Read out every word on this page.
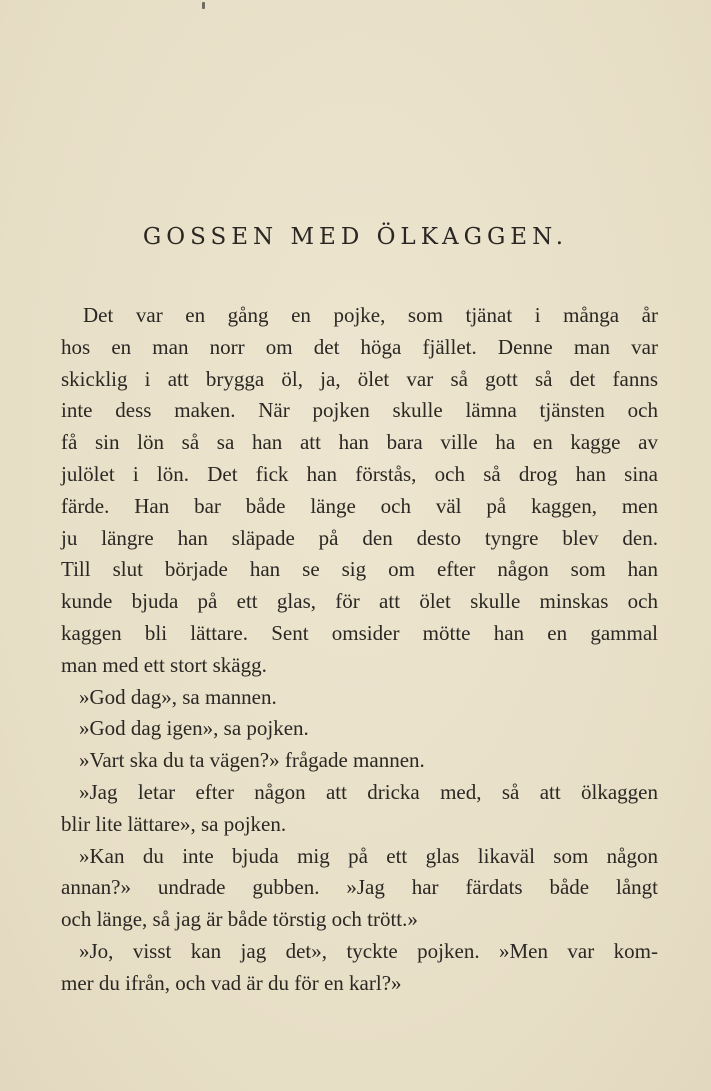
GOSSEN MED ÖLKAGGEN.
Det var en gång en pojke, som tjänat i många år
hos en man norr om det höga fjället. Denne man var
skicklig i att brygga öl, ja, ölet var så gott så det fanns
inte dess maken. När pojken skulle lämna tjänsten och
få sin lön så sa han att han bara ville ha en kagge av
julölet i lön. Det fick han förstås, och så drog han sina
färde. Han bar både länge och väl på kaggen, men
ju längre han släpade på den desto tyngre blev den.
Till slut började han se sig om efter någon som han
kunde bjuda på ett glas, för att ölet skulle minskas och
kaggen bli lättare. Sent omsider mötte han en gammal
man med ett stort skägg.
»God dag», sa mannen.
»God dag igen», sa pojken.
»Vart ska du ta vägen?» frågade mannen.
»Jag letar efter någon att dricka med, så att ölkaggen
blir lite lättare», sa pojken.
»Kan du inte bjuda mig på ett glas likaväl som någon
annan?» undrade gubben. »Jag har färdats både långt
och länge, så jag är både törstig och trött.»
»Jo, visst kan jag det», tyckte pojken. »Men var kom-
mer du ifrån, och vad är du för en karl?»
